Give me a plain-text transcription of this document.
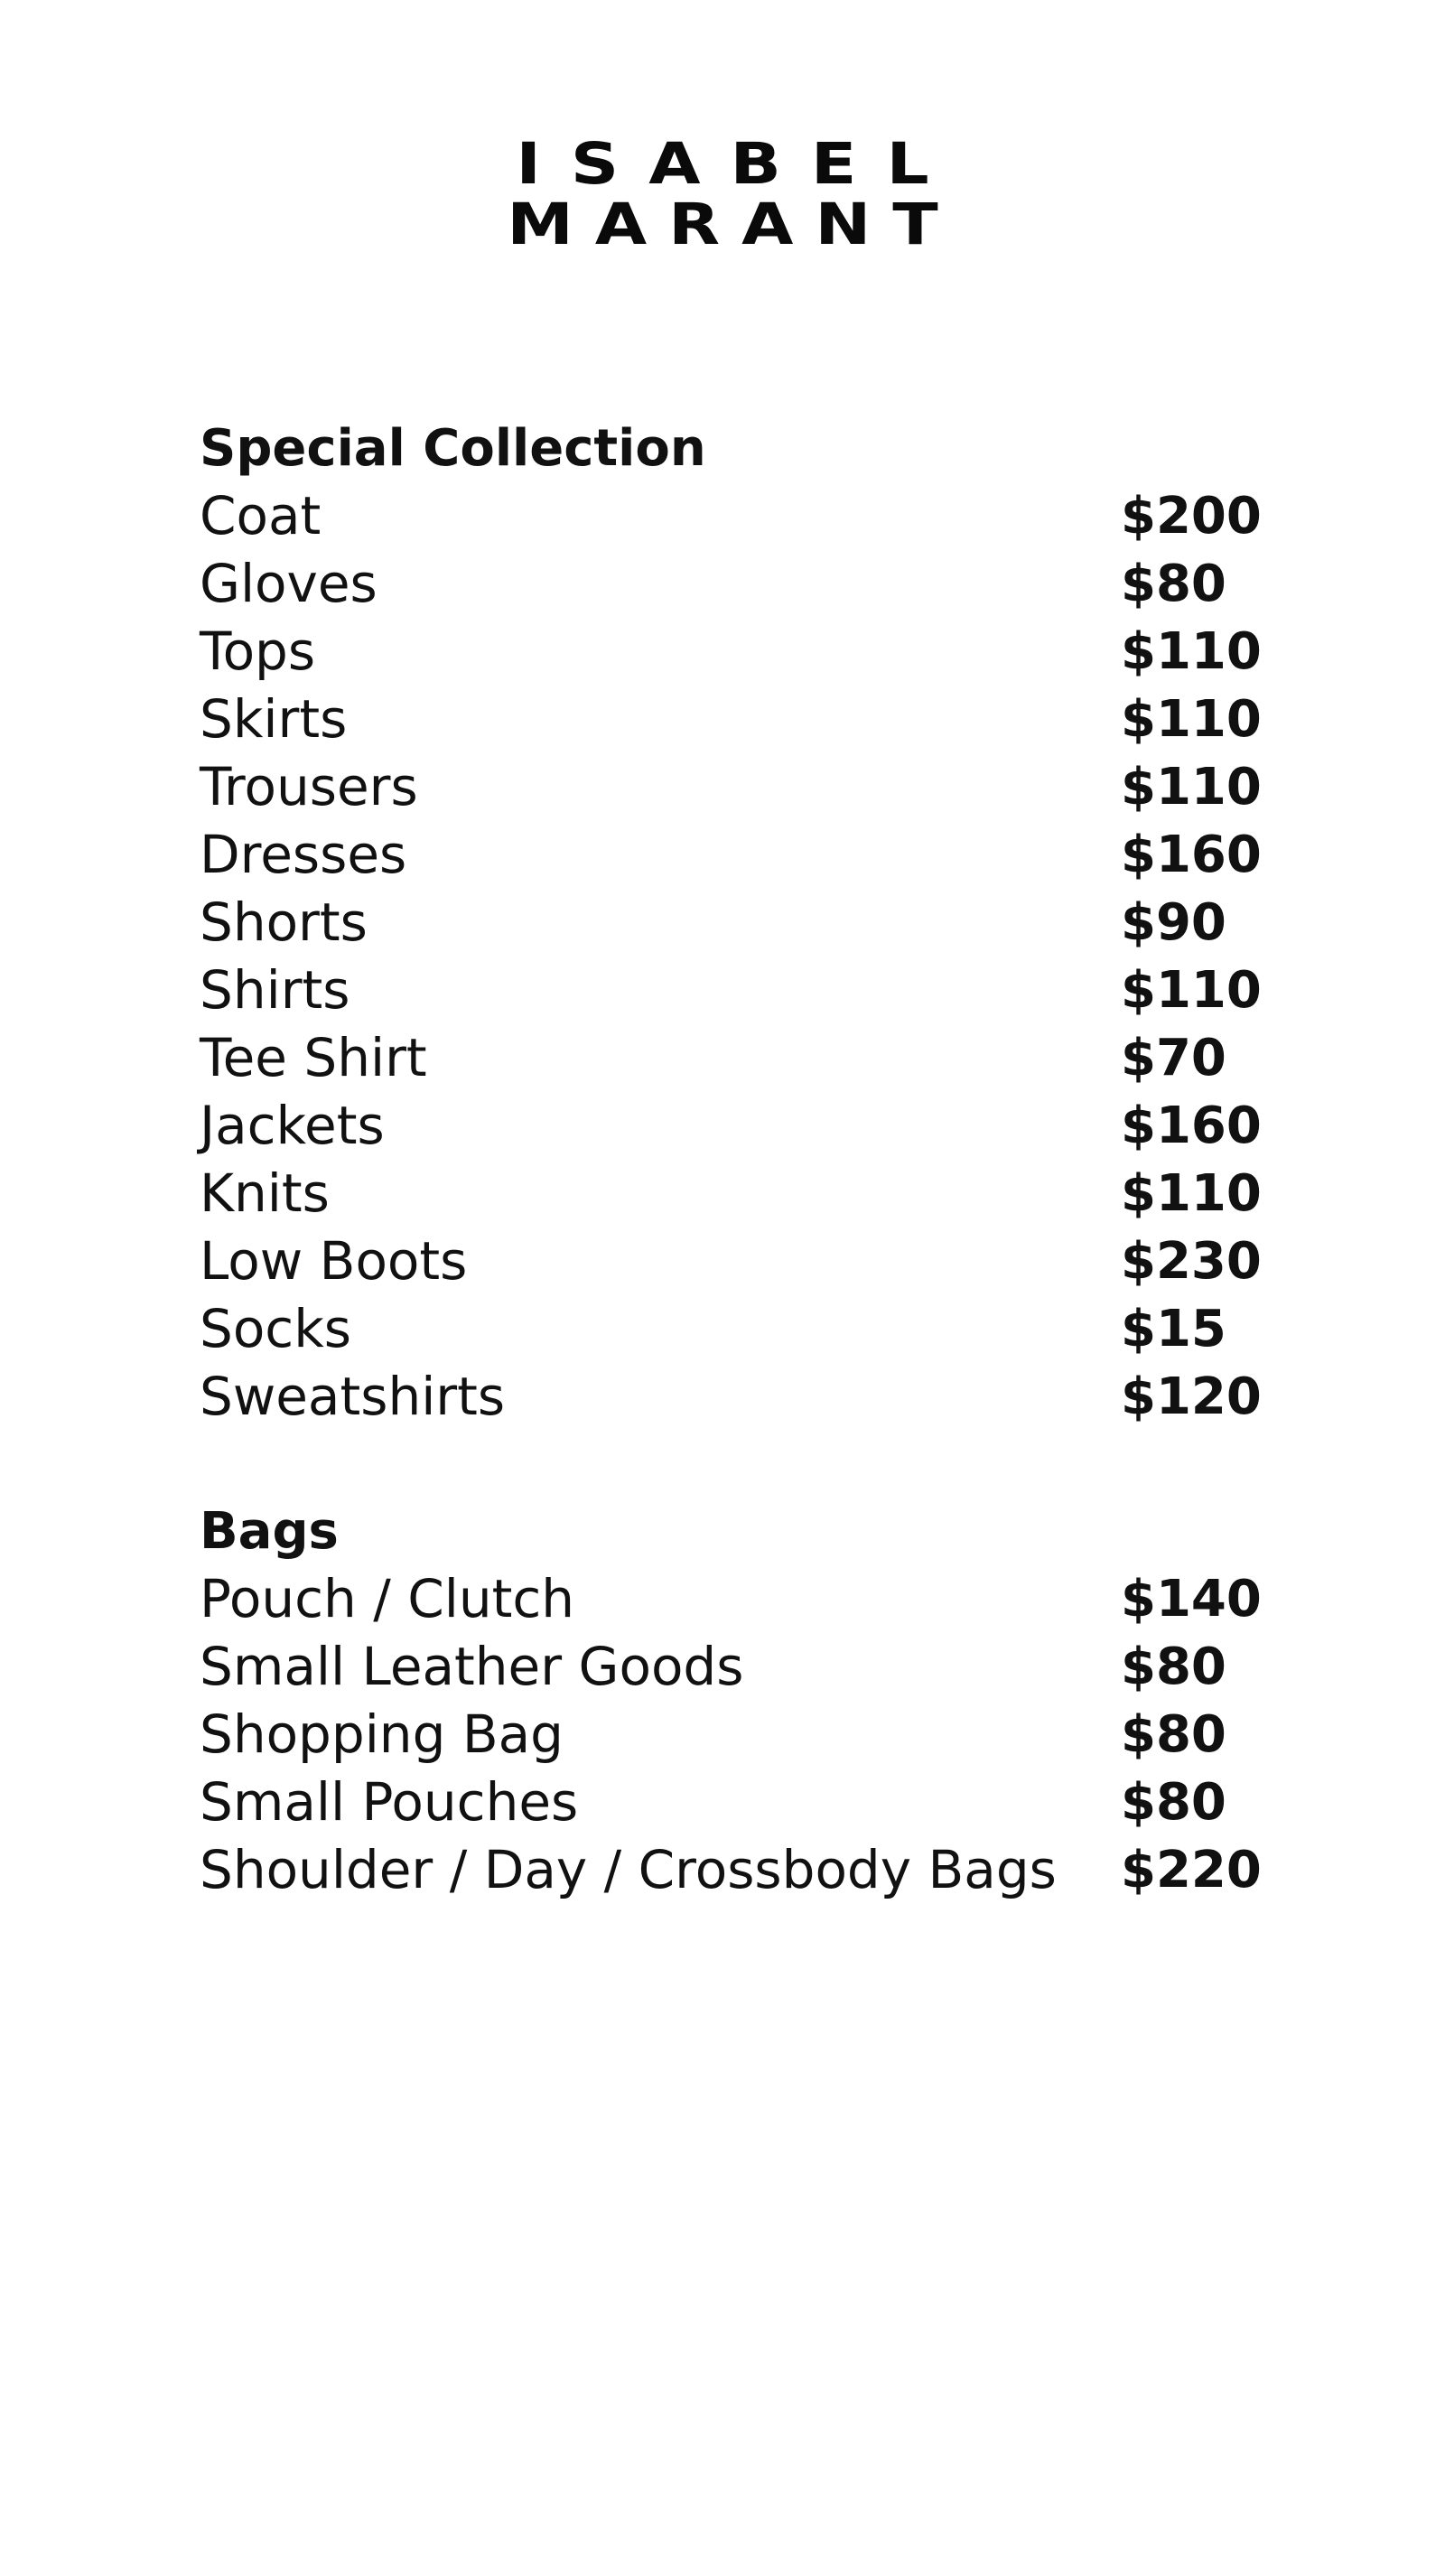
ISABEL
MARANT
Special Collection
Coat	$200
Gloves	$80
Tops	$110
Skirts	$110
Trousers	$110
Dresses	$160
Shorts	$90
Shirts	$110
Tee Shirt	$70
Jackets	$160
Knits	$110
Low Boots	$230
Socks	$15
Sweatshirts	$120
Bags
Pouch / Clutch	$140
Small Leather Goods	$80
Shopping Bag	$80
Small Pouches	$80
Shoulder / Day / Crossbody Bags $220
